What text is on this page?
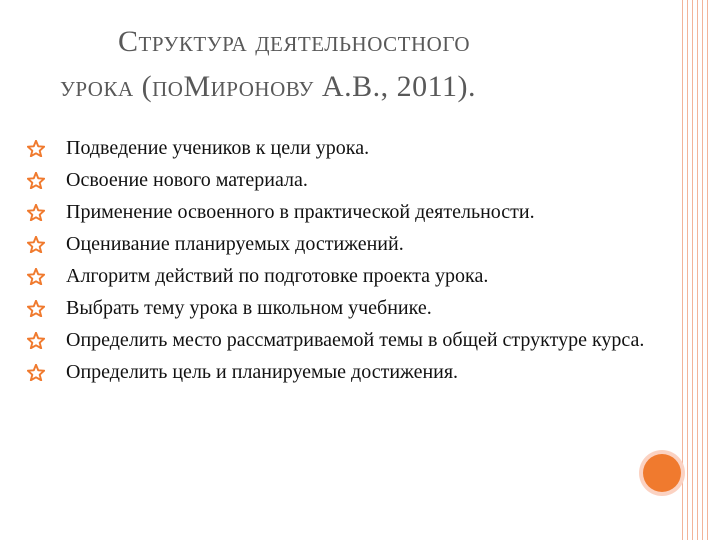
Структура деятельностного
урока (поМиронову А.В., 2011).
Подведение учеников к цели урока.
Освоение нового материала.
Применение освоенного в практической деятельности.
Оценивание планируемых достижений.
Алгоритм действий по подготовке проекта урока.
Выбрать тему урока в школьном учебнике.
Определить место рассматриваемой темы в общей структуре курса.
Определить цель и планируемые достижения.
